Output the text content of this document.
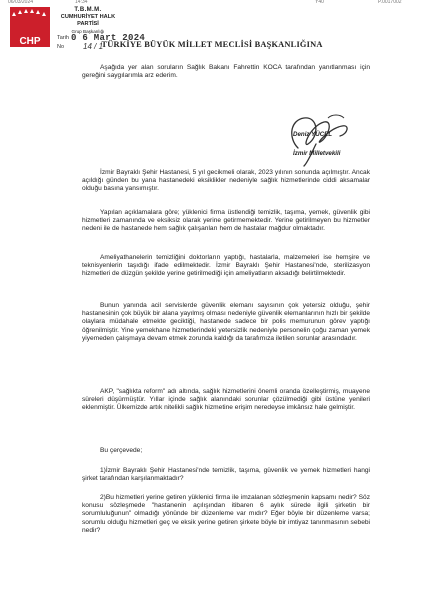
06/03/2024	14:34	Y40	P.0017002
CHP
T.B.M.M.
CUMHURİYET HALK PARTİSİ
Grup Başkanlığı
Tarih 0 6 Mart 2024
No 14 / 1
TÜRKİYE BÜYÜK MİLLET MECLİSİ BAŞKANLIĞINA

Aşağıda yer alan soruların Sağlık Bakanı Fahrettin KOCA tarafından yanıtlanması için gereğini saygılarımla arz ederim.

Deniz YÜCEL
İzmir Milletvekili

İzmir Bayraklı Şehir Hastanesi, 5 yıl gecikmeli olarak, 2023 yılının sonunda açılmıştır. Ancak açıldığı günden bu yana hastanedeki eksiklikler nedeniyle sağlık hizmetlerinde ciddi aksamalar olduğu basına yansımıştır.

Yapılan açıklamalara göre; yüklenici firma üstlendiği temizlik, taşıma, yemek, güvenlik gibi hizmetleri zamanında ve eksiksiz olarak yerine getirmemektedir. Yerine getirilmeyen bu hizmetler nedeni ile de hastanede hem sağlık çalışanları hem de hastalar mağdur olmaktadır.

Ameliyathanelerin temizliğini doktorların yaptığı, hastalarla, malzemeleri ise hemşire ve teknisyenlerin taşıdığı ifade edilmektedir. İzmir Bayraklı Şehir Hastanesi'nde, sterilizasyon hizmetleri de düzgün şekilde yerine getirilmediği için ameliyatların aksadığı belirtilmektedir.

Bunun yanında acil servislerde güvenlik elemanı sayısının çok yetersiz olduğu, şehir hastanesinin çok büyük bir alana yayılmış olması nedeniyle güvenlik elemanlarının hızlı bir şekilde olaylara müdahale etmekte geciktiği, hastanede sadece bir polis memurunun görev yaptığı öğrenilmiştir. Yine yemekhane hizmetlerindeki yetersizlik nedeniyle personelin çoğu zaman yemek yiyemeden çalışmaya devam etmek zorunda kaldığı da tarafımıza iletilen sorunlar arasındadır.

AKP, "sağlıkta reform" adı altında, sağlık hizmetlerini önemli oranda özelleştirmiş, muayene süreleri düşürmüştür. Yıllar içinde sağlık alanındaki sorunlar çözülmediği gibi üstüne yenileri eklenmiştir. Ülkemizde artık nitelikli sağlık hizmetine erişim neredeyse imkânsız hale gelmiştir.

Bu çerçevede;

1)İzmir Bayraklı Şehir Hastanesi'nde temizlik, taşıma, güvenlik ve yemek hizmetleri hangi şirket tarafından karşılanmaktadır?

2)Bu hizmetleri yerine getiren yüklenici firma ile imzalanan sözleşmenin kapsamı nedir? Söz konusu sözleşmede "hastanenin açılışından itibaren 6 aylık sürede ilgili şirketin bir sorumluluğunun" olmadığı yönünde bir düzenleme var mıdır? Eğer böyle bir düzenleme varsa; sorumlu olduğu hizmetleri geç ve eksik yerine getiren şirkete böyle bir imtiyaz tanınmasının sebebi nedir?
